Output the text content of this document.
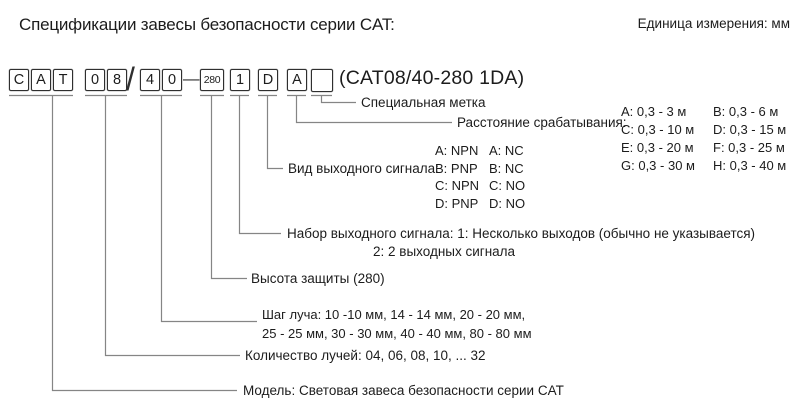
Спецификации завесы безопасности серии CAT:	Единица измерения: мм
C A T	0 8 / 4 0 — 280	1	D	A (CAT08/40-280 1DA)
Специальная метка
Расстояние срабатывания:
A: 0,3 - 3 м	B: 0,3 - 6 м
C: 0,3 - 10 м	D: 0,3 - 15 м
E: 0,3 - 20 м	F: 0,3 - 25 м
G: 0,3 - 30 м	H: 0,3 - 40 м
Вид выходного сигнала:
A: NPN A: NC
B: PNP B: NC
C: NPN C: NO
D: PNP D: NO
Набор выходного сигнала: 1: Несколько выходов (обычно не указывается)
2: 2 выходных сигнала
Высота защиты (280)
Шаг луча: 10 -10 мм, 14 - 14 мм, 20 - 20 мм,
25 - 25 мм, 30 - 30 мм, 40 - 40 мм, 80 - 80 мм
Количество лучей: 04, 06, 08, 10, ... 32
Модель: Световая завеса безопасности серии CAT
